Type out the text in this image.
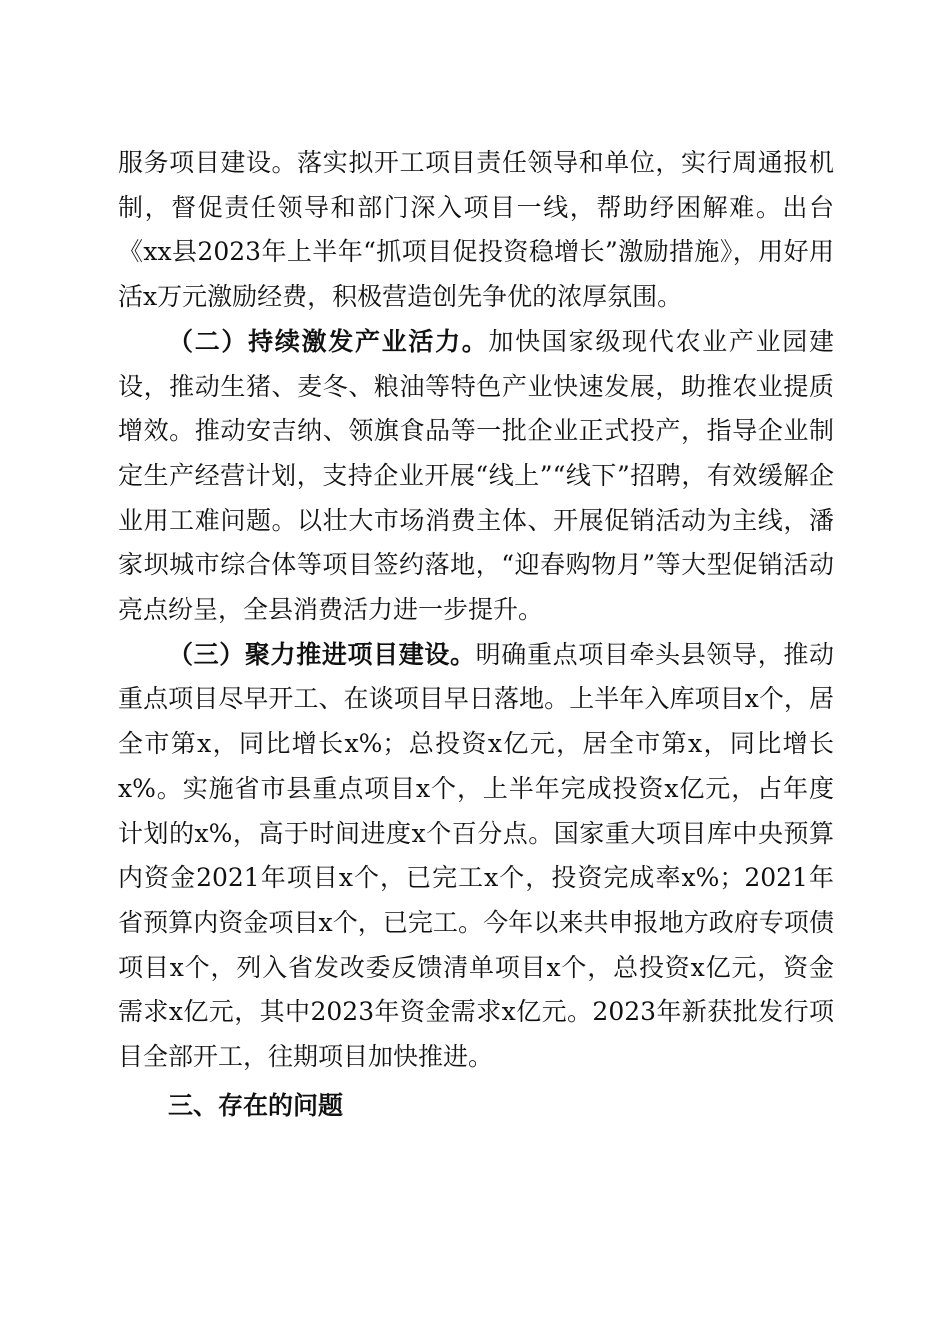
服务项目建设。落实拟开工项目责任领导和单位，实行周通报机制，督促责任领导和部门深入项目一线，帮助纾困解难。出台《xx县2023年上半年“抓项目促投资稳增长”激励措施》，用好用活x万元激励经费，积极营造创先争优的浓厚氛围。

（二）持续激发产业活力。加快国家级现代农业产业园建设，推动生猪、麦冬、粮油等特色产业快速发展，助推农业提质增效。推动安吉纳、领旗食品等一批企业正式投产，指导企业制定生产经营计划，支持企业开展“线上”“线下”招聘，有效缓解企业用工难问题。以壮大市场消费主体、开展促销活动为主线，潘家坝城市综合体等项目签约落地，“迎春购物月”等大型促销活动亮点纷呈，全县消费活力进一步提升。

（三）聚力推进项目建设。明确重点项目牵头县领导，推动重点项目尽早开工、在谈项目早日落地。上半年入库项目x个，居全市第x，同比增长x%；总投资x亿元，居全市第x，同比增长x%。实施省市县重点项目x个，上半年完成投资x亿元，占年度计划的x%，高于时间进度x个百分点。国家重大项目库中央预算内资金2021年项目x个，已完工x个，投资完成率x%；2021年省预算内资金项目x个，已完工。今年以来共申报地方政府专项债项目x个，列入省发改委反馈清单项目x个，总投资x亿元，资金需求x亿元，其中2023年资金需求x亿元。2023年新获批发行项目全部开工，往期项目加快推进。

三、存在的问题
